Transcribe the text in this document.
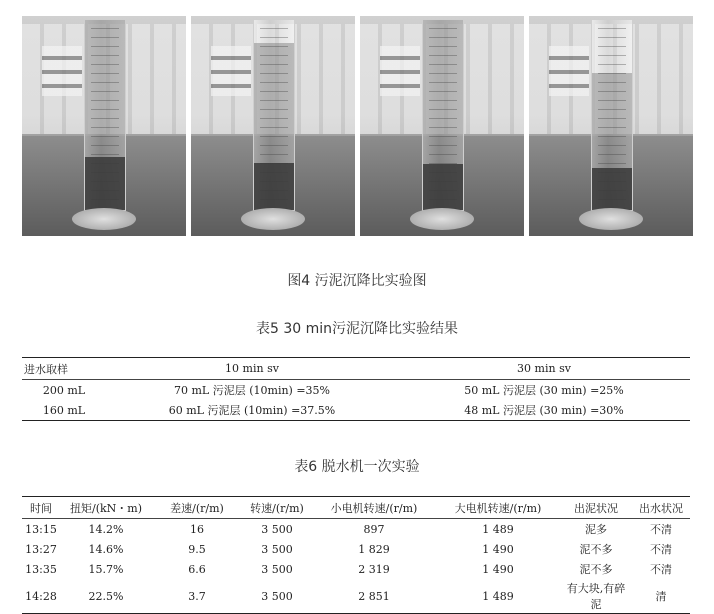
图4 污泥沉降比实验图
表5 30 min污泥沉降比实验结果
进水取样	10 min sv	30 min sv
200 mL	70 mL 污泥层 (10min) =35%	50 mL 污泥层 (30 min) =25%
160 mL	60 mL 污泥层 (10min) =37.5%	48 mL 污泥层 (30 min) =30%
表6 脱水机一次实验
时间	扭矩/(kN・m)	差速/(r/m)	转速/(r/m)	小电机转速/(r/m)	大电机转速/(r/m)	出泥状况	出水状况
13:15	14.2%	16	3 500	897	1 489	泥多	不清
13:27	14.6%	9.5	3 500	1 829	1 490	泥不多	不清
13:35	15.7%	6.6	3 500	2 319	1 490	泥不多	不清
14:28	22.5%	3.7	3 500	2 851	1 489	有大块,有碎泥	清
